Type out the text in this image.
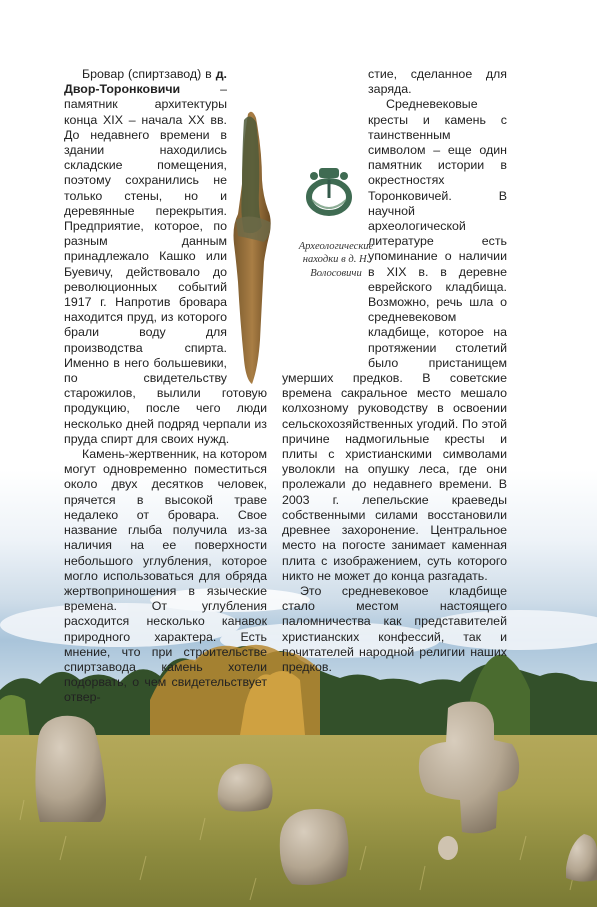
Бровар (спиртзавод) в д. Двор-Торонковичи – памятник архитектуры конца XIX – начала XX вв. До недавнего времени в здании находились складские помещения, поэтому сохранились не только стены, но и деревянные перекрытия. Предприятие, которое, по разным данным принадлежало Кашко или Буевичу, действовало до революционных событий 1917 г. Напротив бровара находится пруд, из которого брали воду для производства спирта. Именно в него большевики, по свидетельству старожилов, вылили готовую продукцию, после чего люди несколько дней подряд черпали из пруда спирт для своих нужд.

Камень-жертвенник, на котором могут одновременно поместиться около двух десятков человек, прячется в высокой траве недалеко от бровара. Свое название глыба получила из-за наличия на ее поверхности небольшого углубления, которое могло использоваться для обряда жертвоприношения в языческие времена. От углубления расходится несколько канавок природного характера. Есть мнение, что при строительстве спиртзавода камень хотели подорвать, о чем свидетельствует отвер-

стие, сделанное для заряда.

Средневековые кресты и камень с таинственным символом – еще один памятник истории в окрестностях Торонковичей. В научной археологической литературе есть упоминание о наличии в XIX в. в деревне еврейского кладбища. Возможно, речь шла о средневековом кладбище, которое на протяжении столетий было пристанищем умерших предков. В советские времена сакральное место мешало колхозному руководству в освоении сельскохозяйственных угодий. По этой причине надмогильные кресты и плиты с христианскими символами уволокли на опушку леса, где они пролежали до недавнего времени. В 2003 г. лепельские краеведы собственными силами восстановили древнее захоронение. Центральное место на погосте занимает каменная плита с изображением, суть которого никто не может до конца разгадать.

Это средневековое кладбище стало местом настоящего паломничества как представителей христианских конфессий, так и почитателей народной религии наших предков.

Археологические находки в д. Н. Волосовичи
